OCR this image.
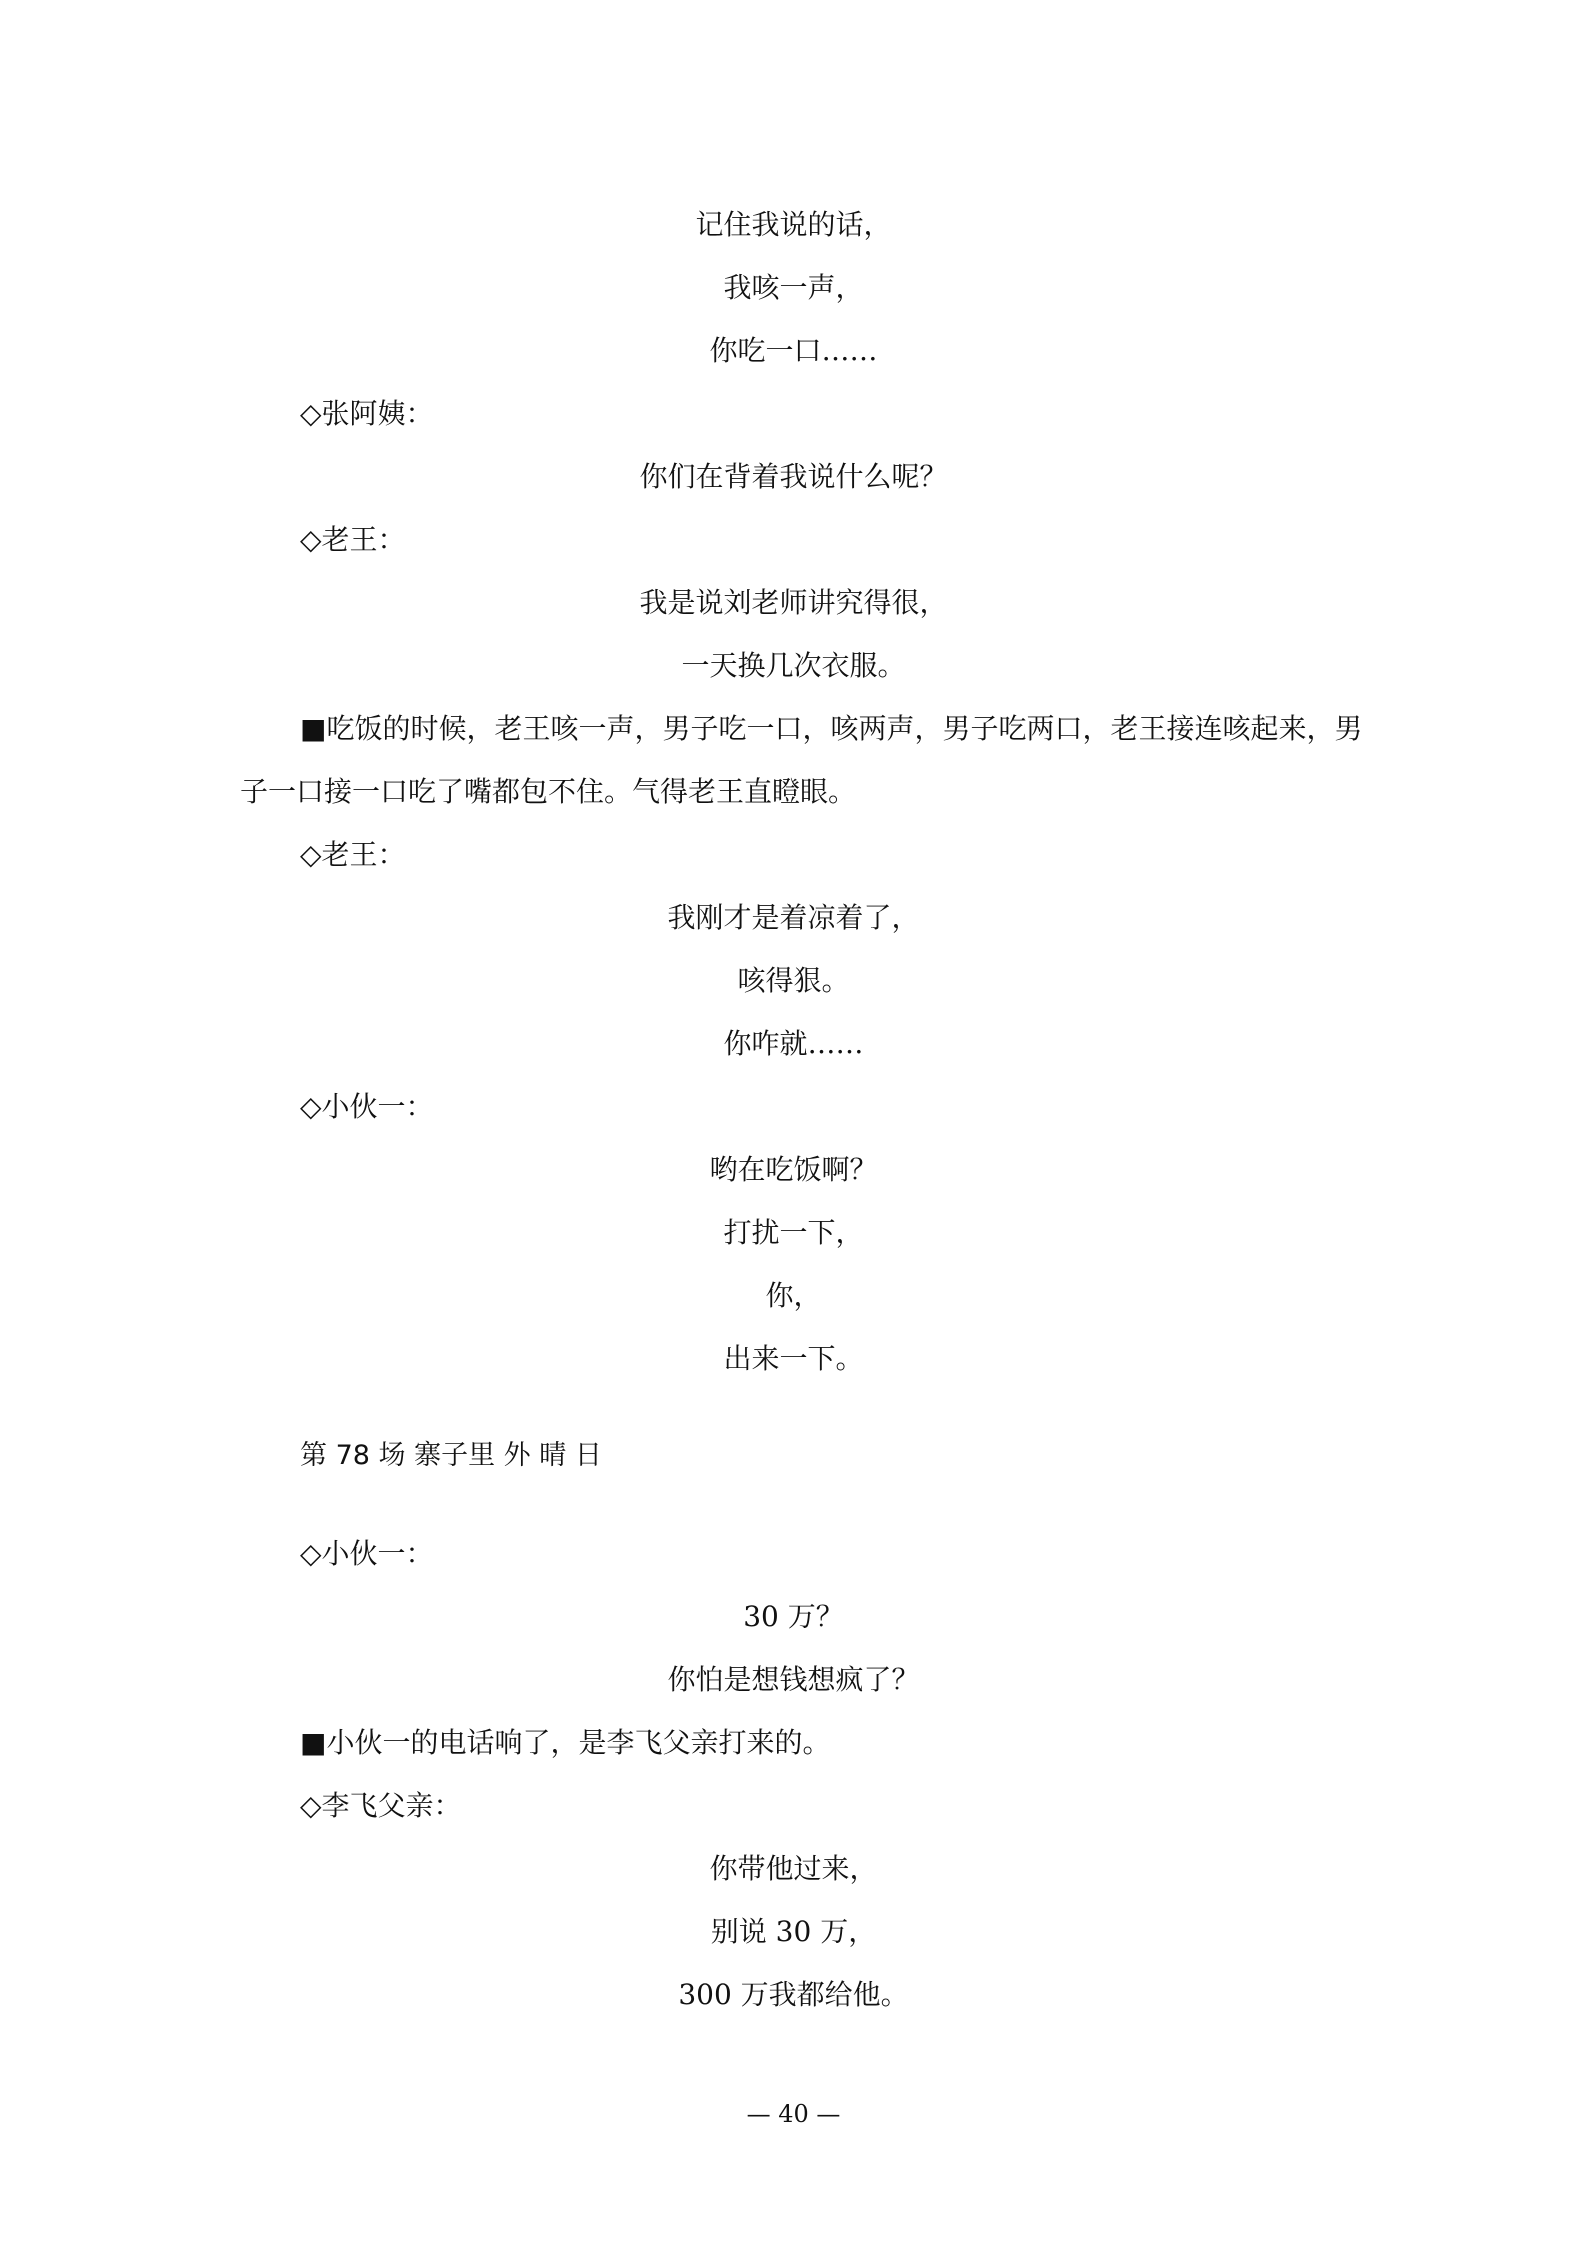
记住我说的话，
我咳一声，
你吃一口……
◇张阿姨：
你们在背着我说什么呢？
◇老王：
我是说刘老师讲究得很，
一天换几次衣服。
■吃饭的时候，老王咳一声，男子吃一口，咳两声，男子吃两口，老王接连咳起来，男
子一口接一口吃了嘴都包不住。气得老王直瞪眼。
◇老王：
我刚才是着凉着了，
咳得狠。
你咋就……
◇小伙一：
哟在吃饭啊？
打扰一下，
你，
出来一下。
第 78 场 寨子里 外 晴 日
◇小伙一：
30 万？
你怕是想钱想疯了？
■小伙一的电话响了，是李飞父亲打来的。
◇李飞父亲：
你带他过来，
别说 30 万，
300 万我都给他。
— 40 —
